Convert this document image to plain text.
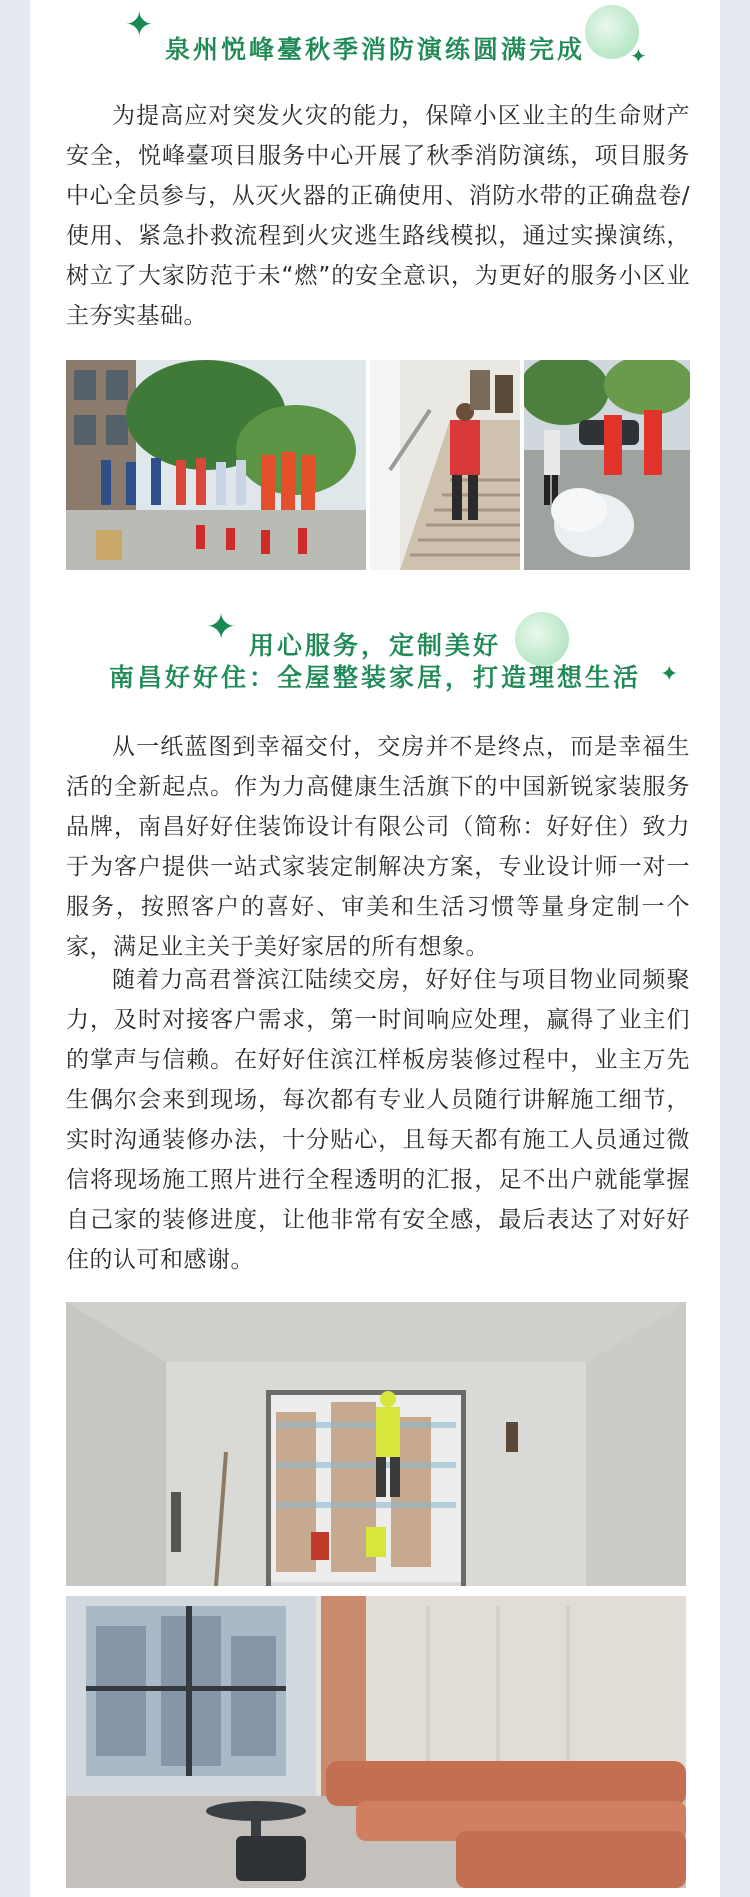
✦
✦
泉州悦峰臺秋季消防演练圆满完成

为提高应对突发火灾的能力，保障小区业主的生命财产安全，悦峰臺项目服务中心开展了秋季消防演练，项目服务中心全员参与，从灭火器的正确使用、消防水带的正确盘卷/使用、紧急扑救流程到火灾逃生路线模拟，通过实操演练，树立了大家防范于未“燃”的安全意识，为更好的服务小区业主夯实基础。

✦
✦
用心服务，定制美好
南昌好好住：全屋整装家居，打造理想生活

从一纸蓝图到幸福交付，交房并不是终点，而是幸福生活的全新起点。作为力高健康生活旗下的中国新锐家装服务品牌，南昌好好住装饰设计有限公司（简称：好好住）致力于为客户提供一站式家装定制解决方案，专业设计师一对一服务，按照客户的喜好、审美和生活习惯等量身定制一个家，满足业主关于美好家居的所有想象。

随着力高君誉滨江陆续交房，好好住与项目物业同频聚力，及时对接客户需求，第一时间响应处理，赢得了业主们的掌声与信赖。在好好住滨江样板房装修过程中，业主万先生偶尔会来到现场，每次都有专业人员随行讲解施工细节，实时沟通装修办法，十分贴心，且每天都有施工人员通过微信将现场施工照片进行全程透明的汇报，足不出户就能掌握自己家的装修进度，让他非常有安全感，最后表达了对好好住的认可和感谢。
